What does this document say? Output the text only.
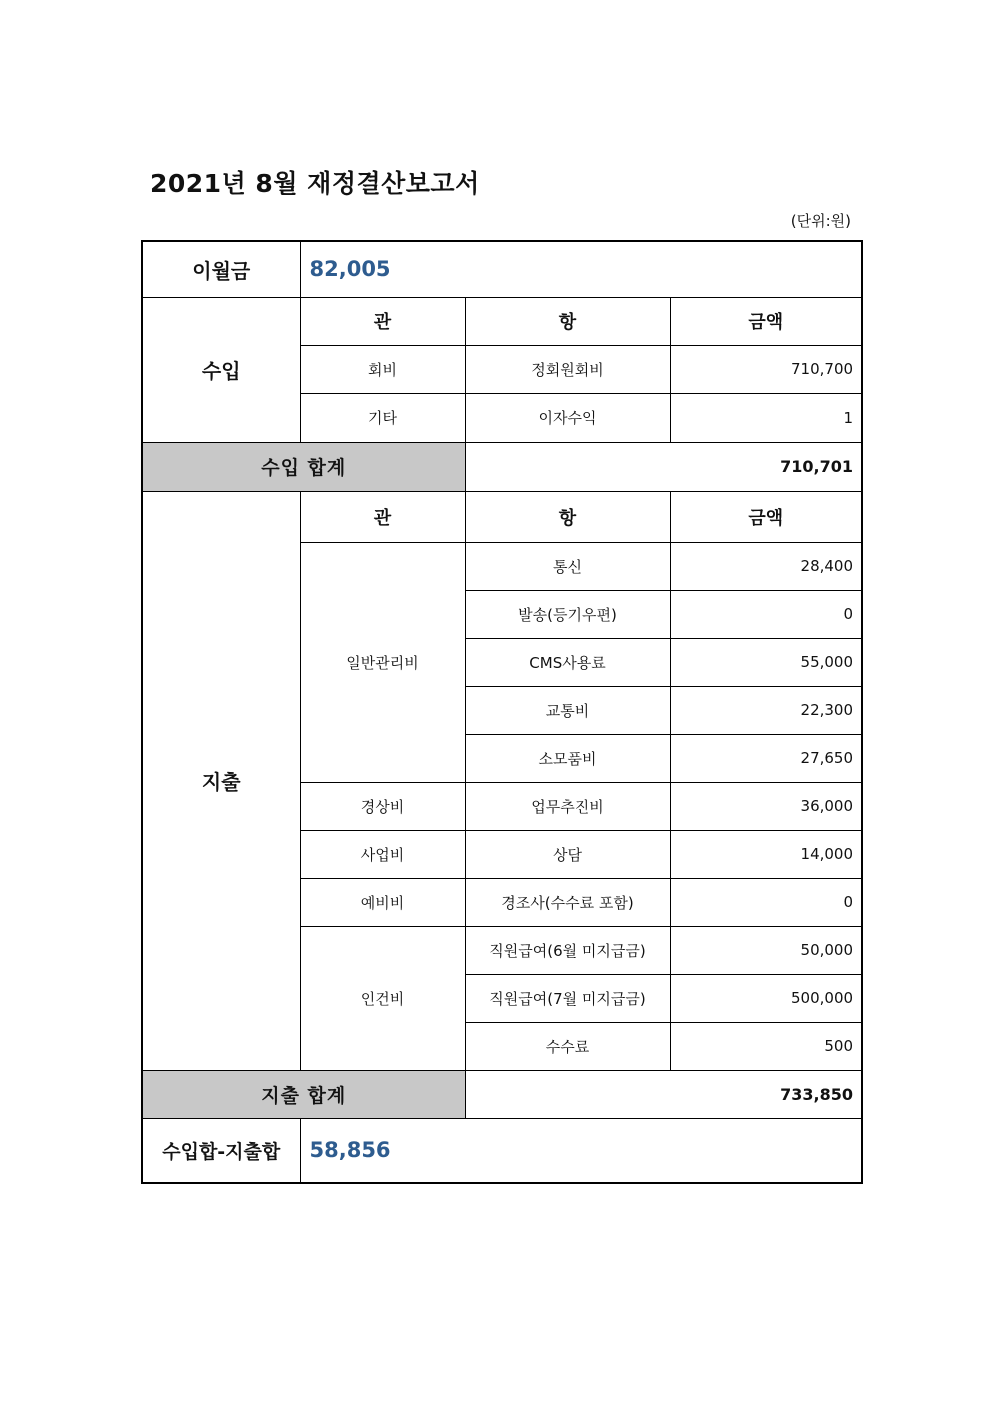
2021년 8월 재정결산보고서
(단위:원)
이월금	82,005		
수입	관	항	금액
	회비	정회원회비	710,700
	기타	이자수익	1
수입 합계		710,701	
지출	관	항	금액
	일반관리비	통신	28,400
		발송(등기우편)	0
		CMS사용료	55,000
		교통비	22,300
		소모품비	27,650
	경상비	업무추진비	36,000
	사업비	상담	14,000
	예비비	경조사(수수료 포함)	0
	인건비	직원급여(6월 미지급금)	50,000
		직원급여(7월 미지급금)	500,000
		수수료	500
지출 합계		733,850	
수입합-지출합	58,856		
